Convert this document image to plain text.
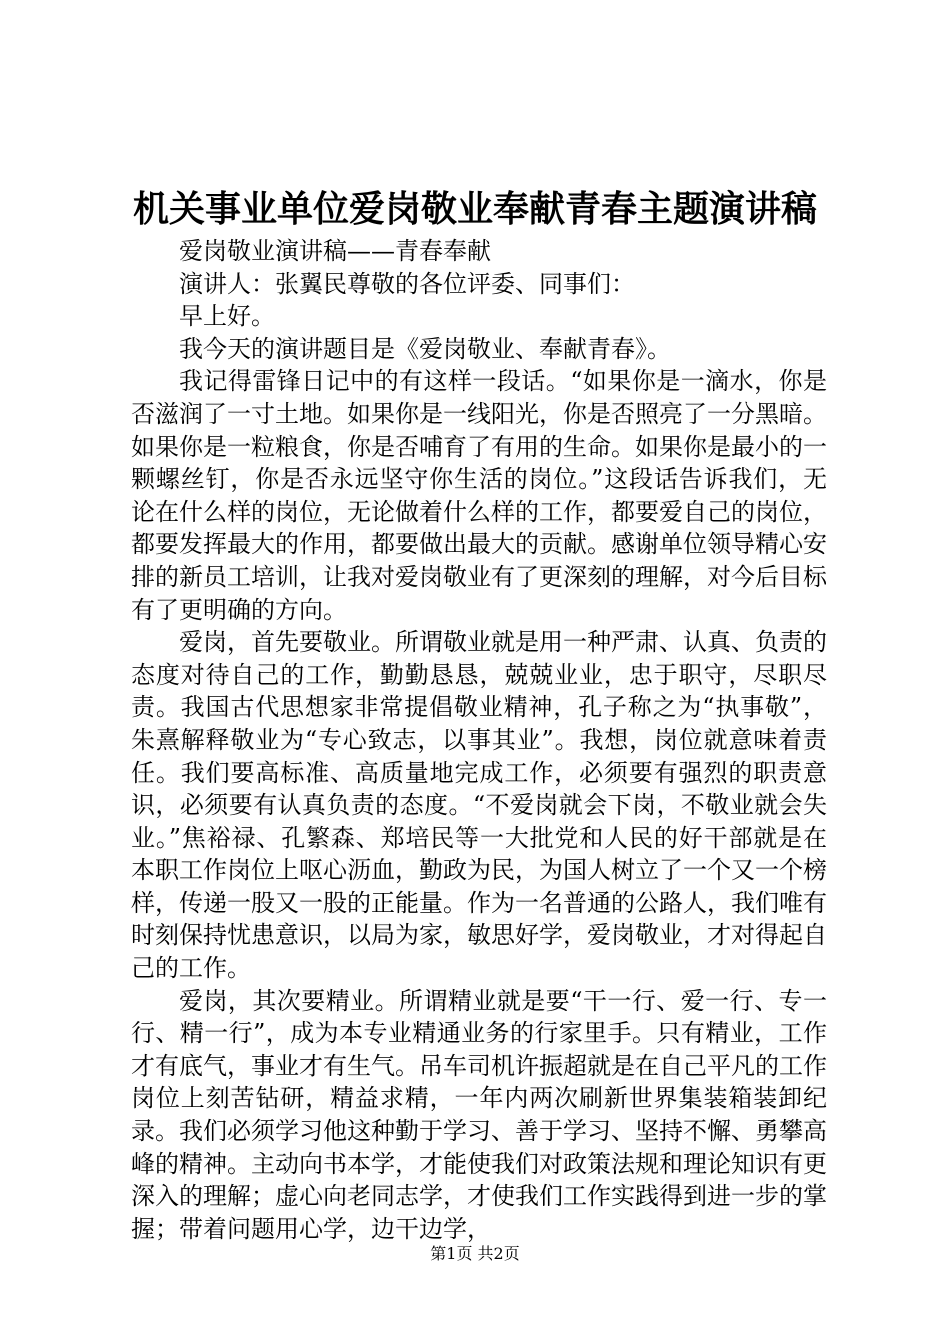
机关事业单位爱岗敬业奉献青春主题演讲稿

爱岗敬业演讲稿——青春奉献

演讲人：张翼民尊敬的各位评委、同事们：

早上好。

我今天的演讲题目是《爱岗敬业、奉献青春》。

我记得雷锋日记中的有这样一段话。“如果你是一滴水，你是否滋润了一寸土地。如果你是一线阳光，你是否照亮了一分黑暗。如果你是一粒粮食，你是否哺育了有用的生命。如果你是最小的一颗螺丝钉，你是否永远坚守你生活的岗位。”这段话告诉我们，无论在什么样的岗位，无论做着什么样的工作，都要爱自己的岗位，都要发挥最大的作用，都要做出最大的贡献。感谢单位领导精心安排的新员工培训，让我对爱岗敬业有了更深刻的理解，对今后目标有了更明确的方向。

爱岗，首先要敬业。所谓敬业就是用一种严肃、认真、负责的态度对待自己的工作，勤勤恳恳，兢兢业业，忠于职守，尽职尽责。我国古代思想家非常提倡敬业精神，孔子称之为“执事敬”，朱熹解释敬业为“专心致志，以事其业”。我想，岗位就意味着责任。我们要高标准、高质量地完成工作，必须要有强烈的职责意识，必须要有认真负责的态度。“不爱岗就会下岗，不敬业就会失业。”焦裕禄、孔繁森、郑培民等一大批党和人民的好干部就是在本职工作岗位上呕心沥血，勤政为民，为国人树立了一个又一个榜样，传递一股又一股的正能量。作为一名普通的公路人，我们唯有时刻保持忧患意识，以局为家，敏思好学，爱岗敬业，才对得起自己的工作。

爱岗，其次要精业。所谓精业就是要“干一行、爱一行、专一行、精一行”，成为本专业精通业务的行家里手。只有精业，工作才有底气，事业才有生气。吊车司机许振超就是在自己平凡的工作岗位上刻苦钻研，精益求精，一年内两次刷新世界集装箱装卸纪录。我们必须学习他这种勤于学习、善于学习、坚持不懈、勇攀高峰的精神。主动向书本学，才能使我们对政策法规和理论知识有更深入的理解；虚心向老同志学，才使我们工作实践得到进一步的掌握；带着问题用心学，边干边学，

第1页 共2页
